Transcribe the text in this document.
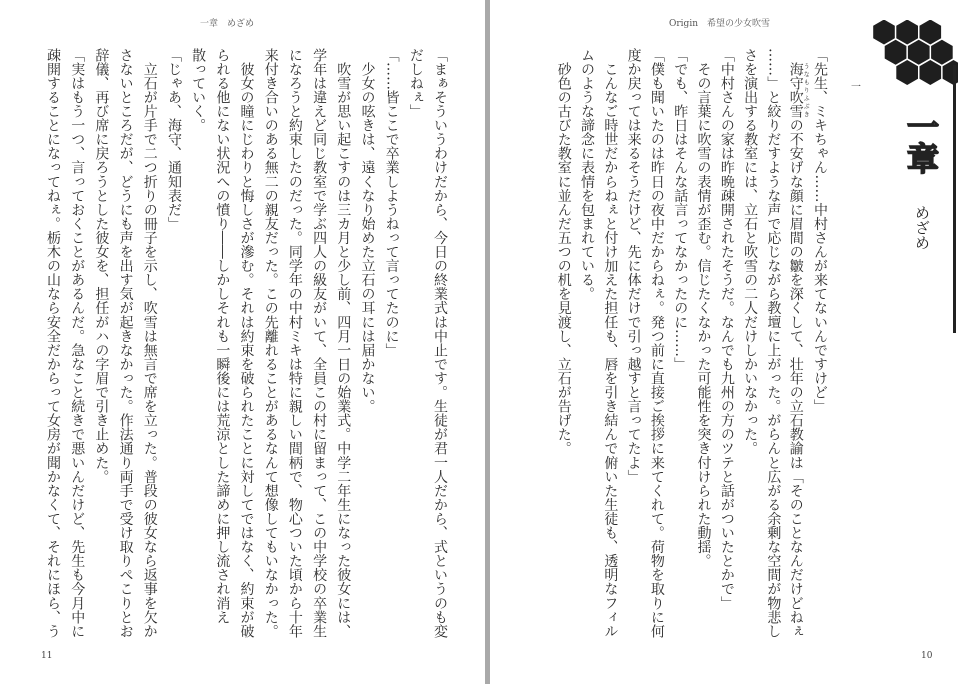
一章　めざめ
「まぁそういうわけだから、今日の終業式は中止です。生徒が君一人だから、式というのも変
だしねぇ」
「……皆ここで卒業しようねって言ってたのに」
　少女の呟きは、遠くなり始めた立石の耳には届かない。
　吹雪が思い起こすのは三カ月と少し前、四月一日の始業式。中学二年生になった彼女には、
学年は違えど同じ教室で学ぶ四人の級友がいて、全員この村に留まって、この中学校の卒業生
になろうと約束したのだった。同学年の中村ミキは特に親しい間柄で、物心ついた頃から十年
来付き合いのある無二の親友だった。この先離れることがあるなんて想像してもいなかった。
　彼女の瞳にじわりと悔しさが滲む。それは約束を破られたことに対してではなく、約束が破
られる他にない状況への憤り――しかしそれも一瞬後には荒涼とした諦めに押し流され消え
散っていく。
「じゃあ、海守、通知表だ」
　立石が片手で二つ折りの冊子を示し、吹雪は無言で席を立った。普段の彼女なら返事を欠か
さないところだが、どうにも声を出す気が起きなかった。作法通り両手で受け取りぺこりとお
辞儀、再び席に戻ろうとした彼女を、担任がハの字眉で引き止めた。
「実はもう一つ、言っておくことがあるんだ。急なこと続きで悪いんだけど、先生も今月中に
疎開することになってねぇ。栃木の山なら安全だからって女房が聞かなくて、それにほら、う
11
Origin　希望の少女吹雪
10
「先生、ミキちゃん……中村さんが来てないんですけど」
　海守吹雪うなもりふぶきの不安げな顔に眉間の皺を深くして、壮年の立石教諭は「そのことなんだけどねぇ
……」と絞りだすような声で応じながら教壇に上がった。がらんと広がる余剰な空間が物悲し
さを演出する教室には、立石と吹雪の二人だけしかいなかった。
「中村さんの家は昨晩疎開されたそうだ。なんでも九州の方のツテと話がついたとかで」
　その言葉に吹雪の表情が歪む。信じたくなかった可能性を突き付けられた動揺。
「でも、昨日はそんな話言ってなかったのに……」
「僕も聞いたのは昨日の夜中だからねぇ。発つ前に直接ご挨拶に来てくれて。荷物を取りに何
度か戻っては来るそうだけど、先に体だけで引っ越すと言ってたよ」
　こんなご時世だからねぇと付け加えた担任も、唇を引き結んで俯いた生徒も、透明なフィル
ムのような諦念に表情を包まれている。
　砂色の古びた教室に並んだ五つの机を見渡し、立石が告げた。	一
一章
めざめ
